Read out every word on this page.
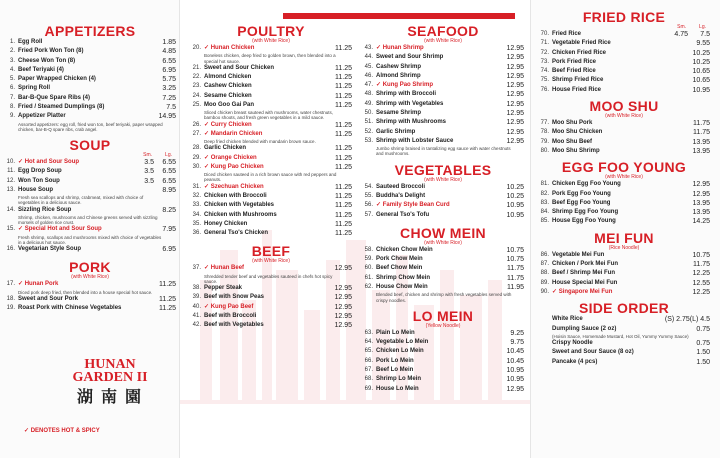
APPETIZERS
1. Egg Roll	1.85
2. Fried Pork Won Ton (8)	4.85
3. Cheese Won Ton (8)	6.55
4. Beef Teriyaki (4)	6.95
5. Paper Wrapped Chicken (4)	5.75
6. Spring Roll	3.25
7. Bar-B-Que Spare Ribs (4)	7.25
8. Fried / Steamed Dumplings (8)	7.5
9. Appetizer Platter	14.95
Assorted appetizers: egg roll, fried won ton, beef teriyaki, paper wrapped chicken, bar-B-Q spare ribs, crab angel.
SOUP
Sm.	Lg.
10. ✓ Hot and Sour Soup	3.5	6.55
11. Egg Drop Soup	3.5	6.55
12. Won Ton Soup	3.5	6.55
13. House Soup	8.95
Fresh sea scallops and shrimp, crabmeat, mixed with choice of vegetables in a delicious sauce.
14. Sizzling Rice Soup	8.25
Shrimp, chicken, mushrooms and Chinese greens served with sizzling morsels of golden rice crust.
15. ✓ Special Hot and Sour Soup	7.95
Fresh shrimp, scallops and mushrooms mixed with choice of vegetables in a delicious hot sauce.
16. Vegetarian Style Soup	6.95
PORK
(with White Rice)
17. ✓ Hunan Pork	11.25
Diced pork deep fried, then blended into a house special hot sauce.
18. Sweet and Sour Pork	11.25
19. Roast Pork with Chinese Vegetables	11.25
POULTRY
(with White Rice)
20. ✓ Hunan Chicken	11.25
Boneless chicken, deep fried to golden brown, then blended into a special hot sauce.
21. Sweet and Sour Chicken	11.25
22. Almond Chicken	11.25
23. Cashew Chicken	11.25
24. Sesame Chicken	11.25
25. Moo Goo Gai Pan	11.25
Sliced chicken breast sauteed with mushrooms, water chestnuts, bamboo shoots, and fresh green vegetables in a mild sauce.
26. ✓ Curry Chicken	11.25
27. ✓ Mandarin Chicken	11.25
Deep fried chicken blended with mandarin brown sauce.
28. Garlic Chicken	11.25
29. ✓ Orange Chicken	11.25
30. ✓ Kung Pao Chicken	11.25
Diced chicken sauteed in a rich brown sauce with red peppers and peanuts.
31. ✓ Szechuan Chicken	11.25
32. Chicken with Broccoli	11.25
33. Chicken with Vegetables	11.25
34. Chicken with Mushrooms	11.25
35. Honey Chicken	11.25
36. General Tso's Chicken	11.25
BEEF
(with White Rice)
37. ✓ Hunan Beef	12.95
Shredded tender beef and vegetables sauteed in chefs hot spicy sauce.
38. Pepper Steak	12.95
39. Beef with Snow Peas	12.95
40. ✓ Kung Pao Beef	12.95
41. Beef with Broccoli	12.95
42. Beef with Vegetables	12.95
SEAFOOD
(with White Rice)
43. ✓ Hunan Shrimp	12.95
44. Sweet and Sour Shrimp	12.95
45. Cashew Shrimp	12.95
46. Almond Shrimp	12.95
47. ✓ Kung Pao Shrimp	12.95
48. Shrimp with Broccoli	12.95
49. Shrimp with Vegetables	12.95
50. Sesame Shrimp	12.95
51. Shrimp with Mushrooms	12.95
52. Garlic Shrimp	12.95
53. Shrimp with Lobster Sauce	12.95
Jumbo shrimp braised in tantalizing egg sauce with water chestnuts and mushrooms.
VEGETABLES
(with White Rice)
54. Sauteed Broccoli	10.25
55. Buddha's Delight	10.25
56. ✓ Family Style Bean Curd	10.95
57. General Tso's Tofu	10.95
CHOW MEIN
(with White Rice)
58. Chicken Chow Mein	10.75
59. Pork Chow Mein	10.75
60. Beef Chow Mein	11.75
61. Shrimp Chow Mein	11.75
62. House Chow Mein	11.95
Blended beef, chicken and shrimp with fresh vegetables served with crispy noodles.
LO MEIN
(Yellow Noodle)
63. Plain Lo Mein	9.25
64. Vegetable Lo Mein	9.75
65. Chicken Lo Mein	10.45
66. Pork Lo Mein	10.45
67. Beef Lo Mein	10.95
68. Shrimp Lo Mein	10.95
69. House Lo Mein	12.95
FRIED RICE
Sm.	Lg.
70. Fried Rice	4.75	7.5
71. Vegetable Fried Rice	9.55
72. Chicken Fried Rice	10.25
73. Pork Fried Rice	10.25
74. Beef Fried Rice	10.65
75. Shrimp Fried Rice	10.65
76. House Fried Rice	10.95
MOO SHU
(with White Rice)
77. Moo Shu Pork	11.75
78. Moo Shu Chicken	11.75
79. Moo Shu Beef	13.95
80. Moo Shu Shrimp	13.95
EGG FOO YOUNG
(with White Rice)
81. Chicken Egg Foo Young	12.95
82. Pork Egg Foo Young	12.95
83. Beef Egg Foo Young	13.95
84. Shrimp Egg Foo Young	13.95
85. House Egg Foo Young	14.25
MEI FUN
(Rice Noodle)
86. Vegetable Mei Fun	10.75
87. Chicken / Pork Mei Fun	11.75
88. Beef / Shrimp Mei Fun	12.25
89. House Special Mei Fun	12.55
90. ✓ Singapore Mei Fun	12.25
SIDE ORDER
White Rice	(S) 2.75(L) 4.5
Dumpling Sauce (2 oz)	0.75
(Hoisin Sauce, Homemade Mustard, Hot Oil, Yummy Yummy Sauce)
Crispy Noodle	0.75
Sweet and Sour Sauce (8 oz)	1.50
Pancake (4 pcs)	1.50
HUNAN
GARDEN II
湖 南 園
✓ DENOTES HOT & SPICY
